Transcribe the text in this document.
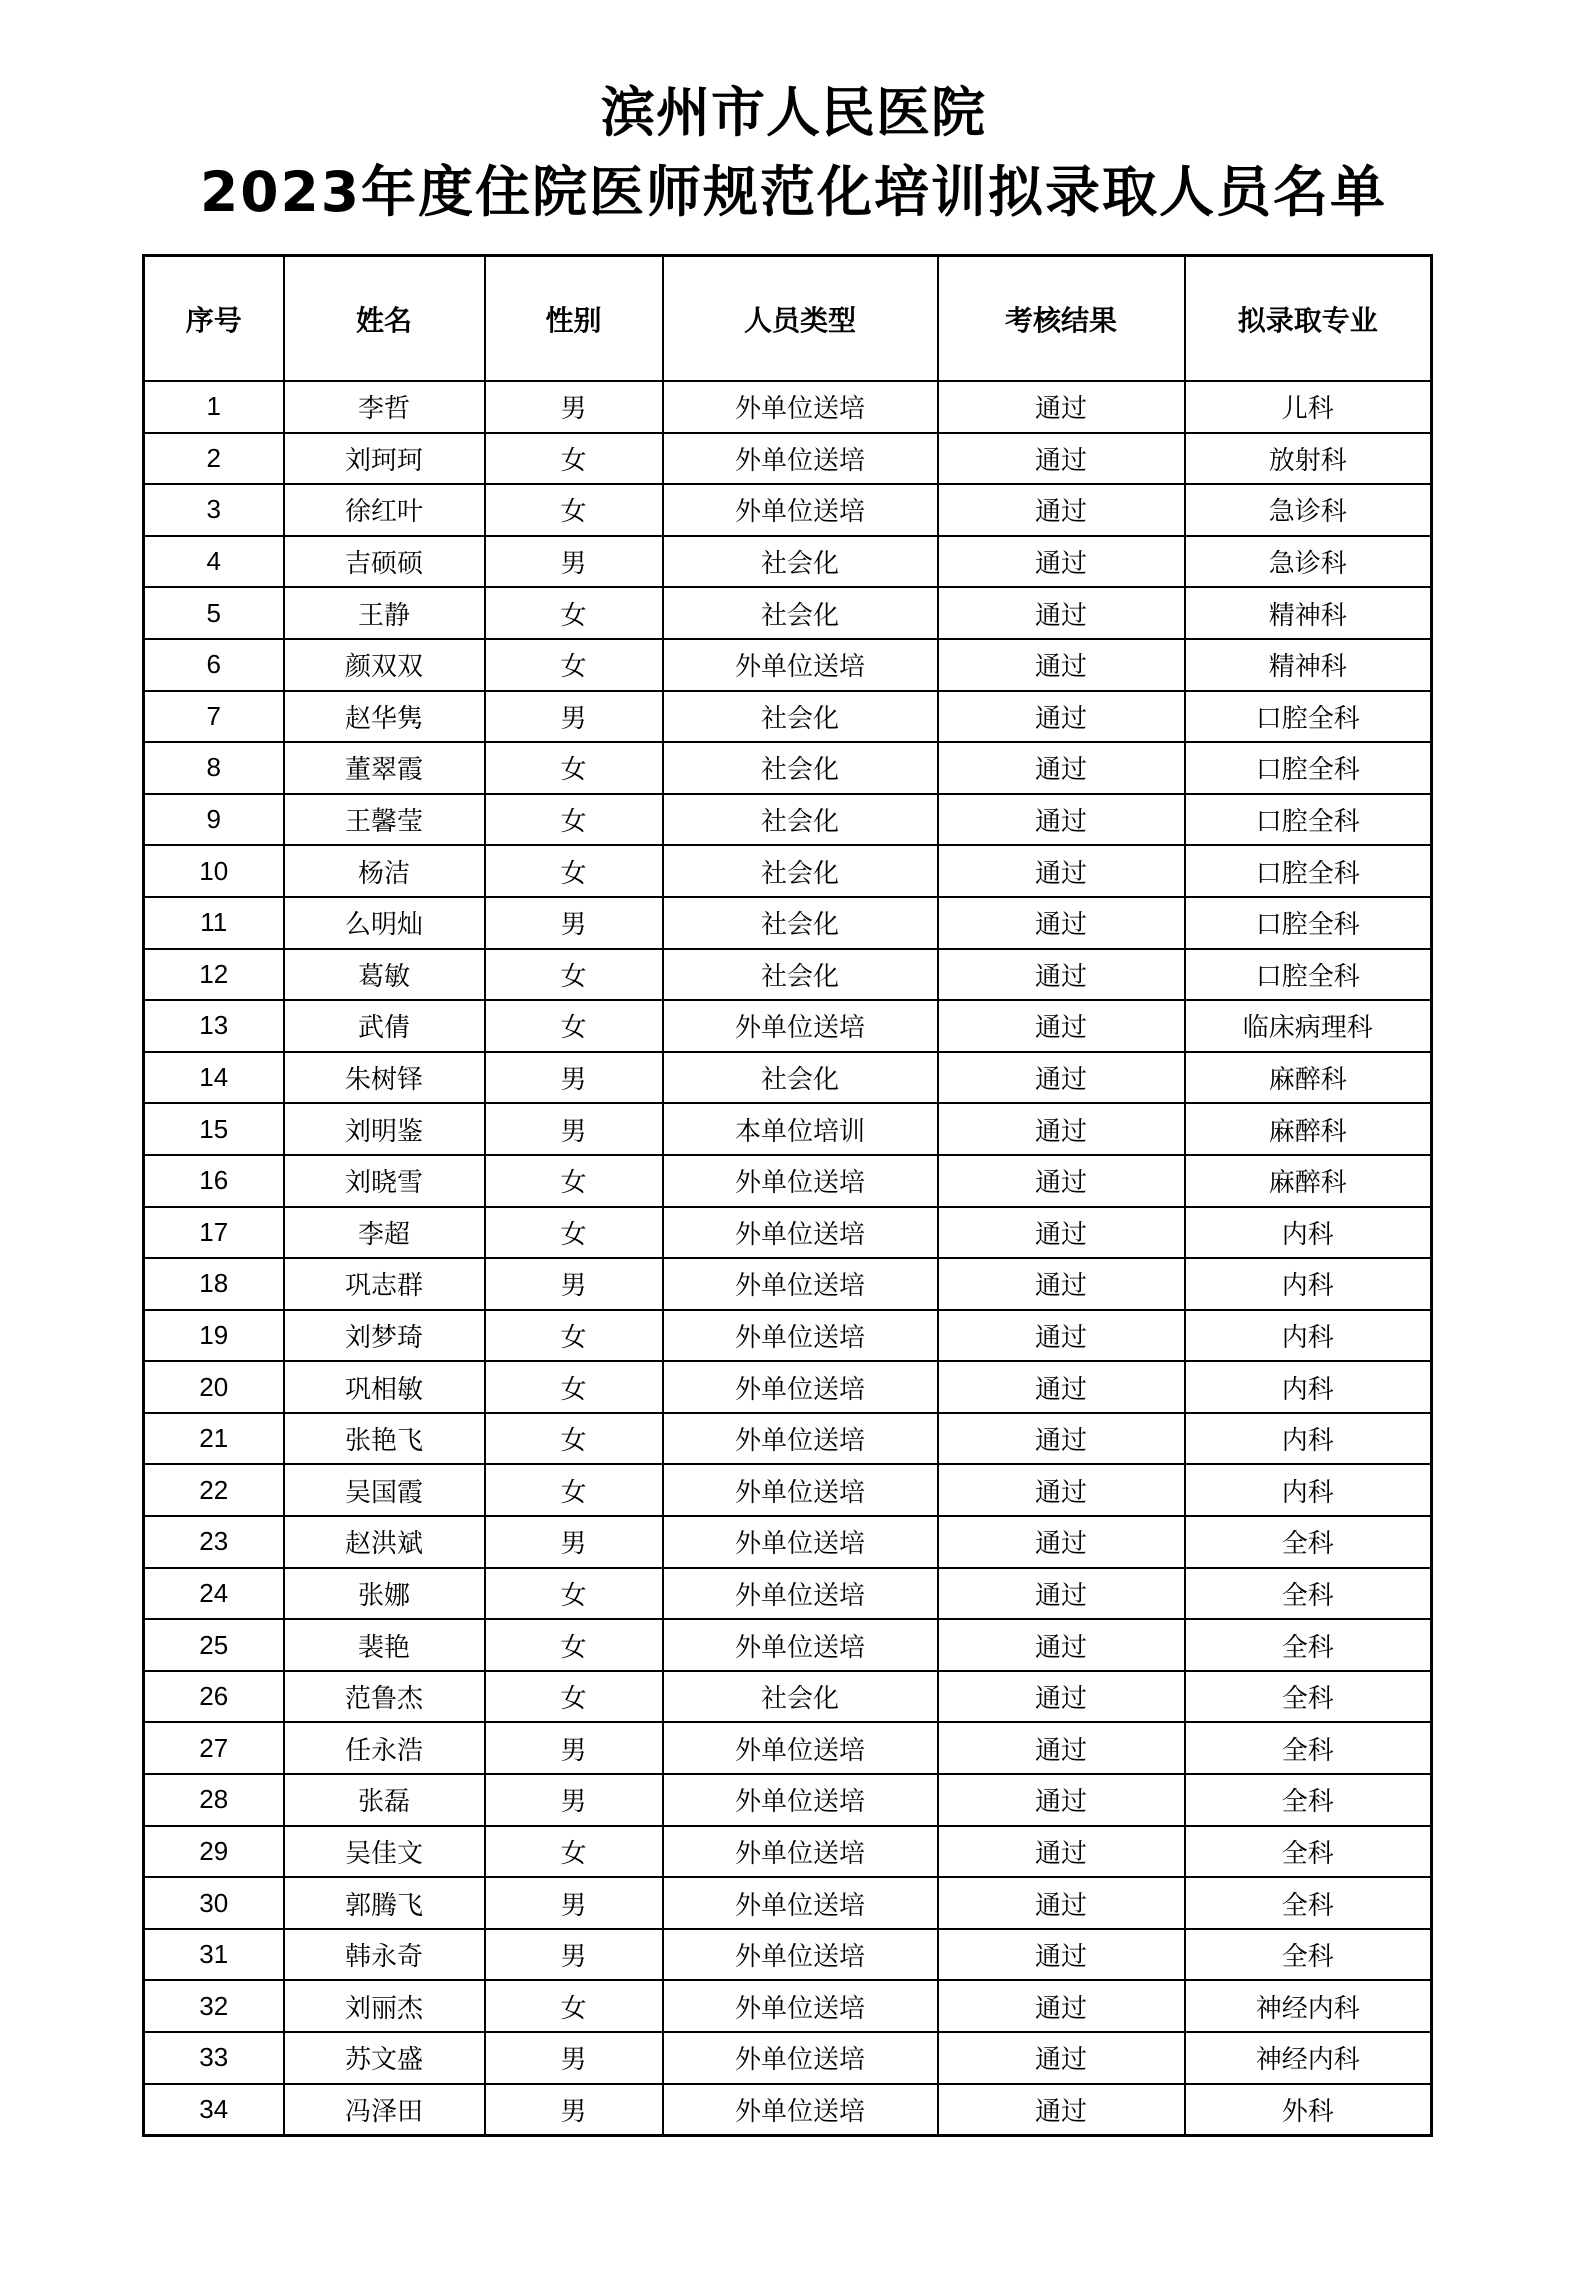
滨州市人民医院
2023年度住院医师规范化培训拟录取人员名单
序号	姓名	性别	人员类型	考核结果	拟录取专业
1	李哲	男	外单位送培	通过	儿科
2	刘珂珂	女	外单位送培	通过	放射科
3	徐红叶	女	外单位送培	通过	急诊科
4	吉硕硕	男	社会化	通过	急诊科
5	王静	女	社会化	通过	精神科
6	颜双双	女	外单位送培	通过	精神科
7	赵华隽	男	社会化	通过	口腔全科
8	董翠霞	女	社会化	通过	口腔全科
9	王馨莹	女	社会化	通过	口腔全科
10	杨洁	女	社会化	通过	口腔全科
11	么明灿	男	社会化	通过	口腔全科
12	葛敏	女	社会化	通过	口腔全科
13	武倩	女	外单位送培	通过	临床病理科
14	朱树铎	男	社会化	通过	麻醉科
15	刘明鉴	男	本单位培训	通过	麻醉科
16	刘晓雪	女	外单位送培	通过	麻醉科
17	李超	女	外单位送培	通过	内科
18	巩志群	男	外单位送培	通过	内科
19	刘梦琦	女	外单位送培	通过	内科
20	巩相敏	女	外单位送培	通过	内科
21	张艳飞	女	外单位送培	通过	内科
22	吴国霞	女	外单位送培	通过	内科
23	赵洪斌	男	外单位送培	通过	全科
24	张娜	女	外单位送培	通过	全科
25	裴艳	女	外单位送培	通过	全科
26	范鲁杰	女	社会化	通过	全科
27	任永浩	男	外单位送培	通过	全科
28	张磊	男	外单位送培	通过	全科
29	吴佳文	女	外单位送培	通过	全科
30	郭腾飞	男	外单位送培	通过	全科
31	韩永奇	男	外单位送培	通过	全科
32	刘丽杰	女	外单位送培	通过	神经内科
33	苏文盛	男	外单位送培	通过	神经内科
34	冯泽田	男	外单位送培	通过	外科
